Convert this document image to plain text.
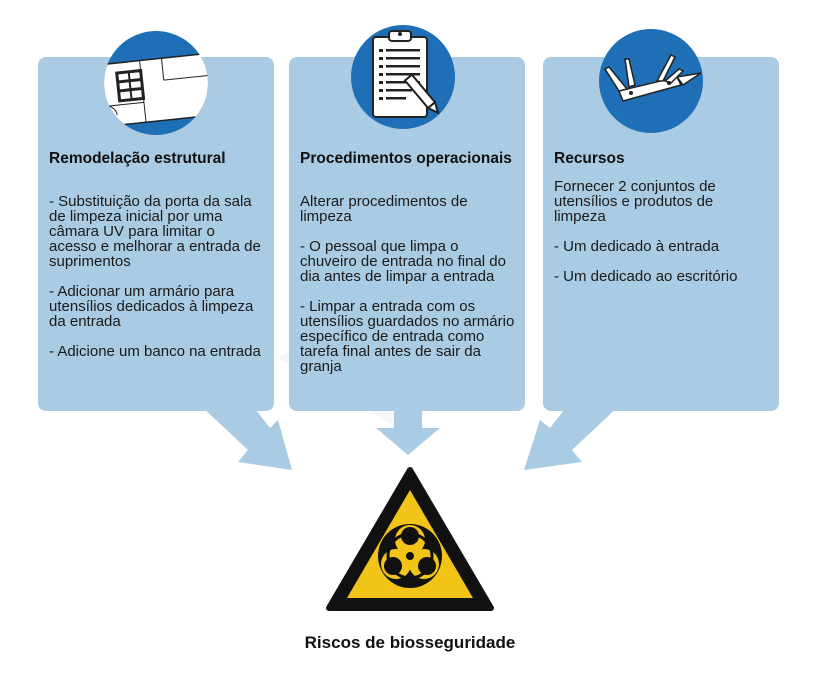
Remodelação estrutural

- Substituição da porta da sala de limpeza inicial por uma câmara UV para limitar o acesso e melhorar a entrada de suprimentos

- Adicionar um armário para utensílios dedicados à limpeza da entrada

- Adicione um banco na entrada

Procedimentos operacionais

Alterar procedimentos de limpeza

- O pessoal que limpa o chuveiro de entrada no final do dia antes de limpar a entrada

- Limpar a entrada com os utensílios guardados no armário específico de entrada como tarefa final antes de sair da granja

Recursos

Fornecer 2 conjuntos de utensílios e produtos de limpeza

- Um dedicado à entrada

- Um dedicado ao escritório

Riscos de biosseguridade
